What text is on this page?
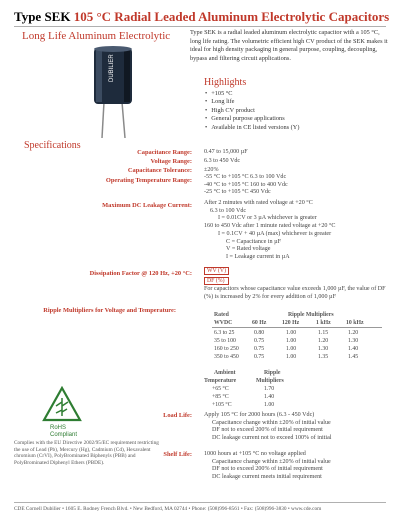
Type SEK 105 °C Radial Leaded Aluminum Electrolytic Capacitors
Long Life Aluminum Electrolytic
DUBILIER
Type SEK is a radial leaded aluminum electrolytic capacitor with a 105 °C, long life rating. The volumetric efficient high CV product of the SEK makes it ideal for high density packaging in general purpose, coupling, decoupling, bypass and filtering circuit applications.
Highlights
• +105 °C
• Long life
• High CV product
• General purpose applications
• Available in CE listed versions (Y)
Specifications
Capacitance Range: 0.47 to 15,000 µF
Voltage Range: 6.3 to 450 Vdc
Capacitance Tolerance: ±20%
Operating Temperature Range: -55 °C to +105 °C 6.3 to 100 Vdc
-40 °C to +105 °C 160 to 400 Vdc
-25 °C to +105 °C 450 Vdc
Maximum DC Leakage Current: After 2 minutes with rated voltage at +20 °C
6.3 to 100 Vdc
I = 0.01CV or 3 µA whichever is greater
160 to 450 Vdc after 1 minute rated voltage at +20 °C
I = 0.1CV + 40 µA (max) whichever is greater
C = Capacitance in µF
V = Rated voltage
I = Leakage current in µA
Dissipation Factor @ 120 Hz, +20 °C:	WV (V)
DF (%)
For capacitors whose capacitance value exceeds 1,000 µF, the value of DF (%) is increased by 2% for every addition of 1,000 µF
Ripple Multipliers for Voltage and Temperature:
Rated	Ripple Multipliers
WVDC	60 Hz	120 Hz	1 kHz	10 kHz
6.3 to 25	0.80	1.00	1.15	1.20
35 to 100	0.75	1.00	1.20	1.30
160 to 250	0.75	1.00	1.30	1.40
350 to 450	0.75	1.00	1.35	1.45
Ambient	Ripple
Temperature	Multipliers
+65 °C	1.70
+85 °C	1.40
+105 °C	1.00
RoHS
Compliant
Load Life: Apply 105 °C for 2000 hours (6.3 - 450 Vdc)
Capacitance change within ±20% of initial value
DF not to exceed 200% of initial requirement
DC leakage current not to exceed 100% of initial
Shelf Life: 1000 hours at +105 °C no voltage applied
Capacitance change within ±20% of initial value
DF not to exceed 200% of initial requirement
DC leakage current meets initial requirement
Complies with the EU Directive 2002/95/EC requirement restricting the use of Lead (Pb), Mercury (Hg), Cadmium (Cd), Hexavalent chromium (CrVI), PolyBrominated Biphenyls (PBB) and PolyBrominated Diphenyl Ethers (PBDE).
CDE Cornell Dubilier • 1605 E. Rodney French Blvd. • New Bedford, MA 02744 • Phone: (508)996-8561 • Fax: (508)996-3830 • www.cde.com
